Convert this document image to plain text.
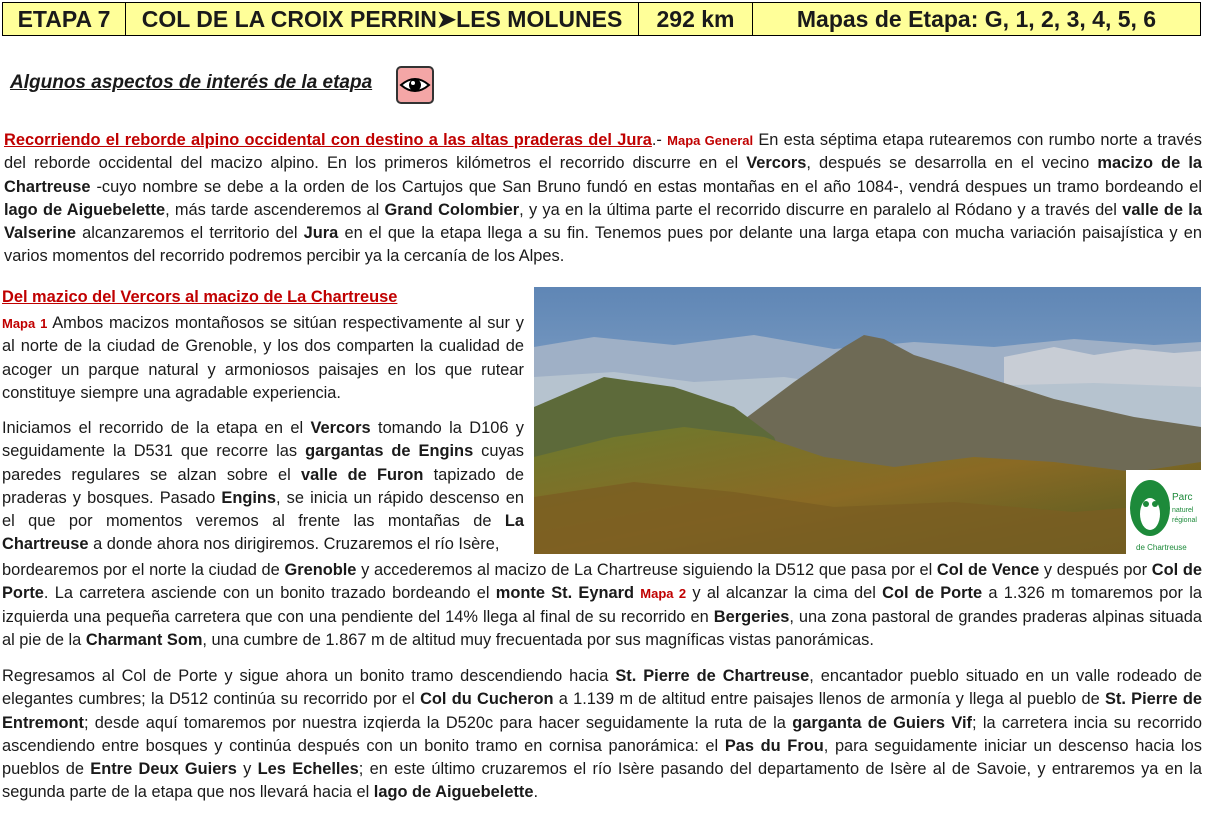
ETAPA 7	COL DE LA CROIX PERRIN➤LES MOLUNES	292 km	Mapas de Etapa: G, 1, 2, 3, 4, 5, 6
Algunos aspectos de interés de la etapa

Recorriendo el reborde alpino occidental con destino a las altas praderas del Jura.- Mapa General En esta séptima etapa rutearemos con rumbo norte a través del reborde occidental del macizo alpino. En los primeros kilómetros el recorrido discurre en el Vercors, después se desarrolla en el vecino macizo de la Chartreuse -cuyo nombre se debe a la orden de los Cartujos que San Bruno fundó en estas montañas en el año 1084-, vendrá despues un tramo bordeando el lago de Aiguebelette, más tarde ascenderemos al Grand Colombier, y ya en la última parte el recorrido discurre en paralelo al Ródano y a través del valle de la Valserine alcanzaremos el territorio del Jura en el que la etapa llega a su fin. Tenemos pues por delante una larga etapa con mucha variación paisajística y en varios momentos del recorrido podremos percibir ya la cercanía de los Alpes.

Del mazico del Vercors al macizo de La Chartreuse

Mapa 1 Ambos macizos montañosos se sitúan respectivamente al sur y al norte de la ciudad de Grenoble, y los dos comparten la cualidad de acoger un parque natural y armoniosos paisajes en los que rutear constituye siempre una agradable experiencia.

Iniciamos el recorrido de la etapa en el Vercors tomando la D106 y seguidamente la D531 que recorre las gargantas de Engins cuyas paredes regulares se alzan sobre el valle de Furon tapizado de praderas y bosques. Pasado Engins, se inicia un rápido descenso en el que por momentos veremos al frente las montañas de La Chartreuse a donde ahora nos dirigiremos. Cruzaremos el río Isère,

Parc
naturel
régional
de Chartreuse

bordearemos por el norte la ciudad de Grenoble y accederemos al macizo de La Chartreuse siguiendo la D512 que pasa por el Col de Vence y después por Col de Porte. La carretera asciende con un bonito trazado bordeando el monte St. Eynard Mapa 2 y al alcanzar la cima del Col de Porte a 1.326 m tomaremos por la izquierda una pequeña carretera que con una pendiente del 14% llega al final de su recorrido en Bergeries, una zona pastoral de grandes praderas alpinas situada al pie de la Charmant Som, una cumbre de 1.867 m de altitud muy frecuentada por sus magníficas vistas panorámicas.

Regresamos al Col de Porte y sigue ahora un bonito tramo descendiendo hacia St. Pierre de Chartreuse, encantador pueblo situado en un valle rodeado de elegantes cumbres; la D512 continúa su recorrido por el Col du Cucheron a 1.139 m de altitud entre paisajes llenos de armonía y llega al pueblo de St. Pierre de Entremont; desde aquí tomaremos por nuestra izqierda la D520c para hacer seguidamente la ruta de la garganta de Guiers Vif; la carretera incia su recorrido ascendiendo entre bosques y continúa después con un bonito tramo en cornisa panorámica: el Pas du Frou, para seguidamente iniciar un descenso hacia los pueblos de Entre Deux Guiers y Les Echelles; en este último cruzaremos el río Isère pasando del departamento de Isère al de Savoie, y entraremos ya en la segunda parte de la etapa que nos llevará hacia el lago de Aiguebelette.
